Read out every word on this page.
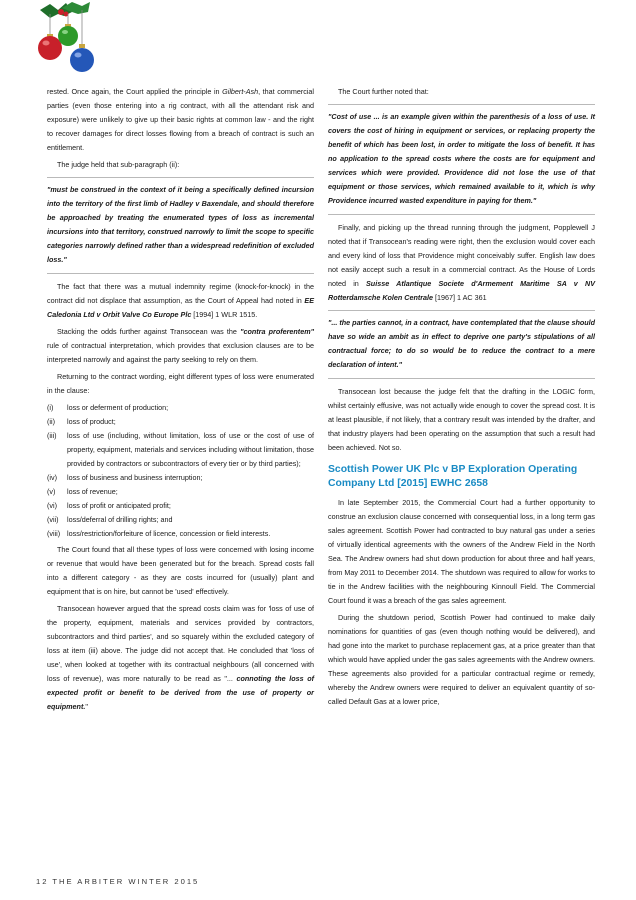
rested. Once again, the Court applied the principle in Gilbert-Ash, that commercial parties (even those entering into a rig contract, with all the attendant risk and exposure) were unlikely to give up their basic rights at common law - and the right to recover damages for direct losses flowing from a breach of contract is such an entitlement.

The judge held that sub-paragraph (ii):

"must be construed in the context of it being a specifically defined incursion into the territory of the first limb of Hadley v Baxendale, and should therefore be approached by treating the enumerated types of loss as incremental incursions into that territory, construed narrowly to limit the scope to specific categories narrowly defined rather than a widespread redefinition of excluded loss."

The fact that there was a mutual indemnity regime (knock-for-knock) in the contract did not displace that assumption, as the Court of Appeal had noted in EE Caledonia Ltd v Orbit Valve Co Europe Plc [1994] 1 WLR 1515.

Stacking the odds further against Transocean was the "contra proferentem" rule of contractual interpretation, which provides that exclusion clauses are to be interpreted narrowly and against the party seeking to rely on them.

Returning to the contract wording, eight different types of loss were enumerated in the clause:

(i)	loss or deferment of production;
(ii)	loss of product;
(iii)	loss of use (including, without limitation, loss of use or the cost of use of property, equipment, materials and services including without limitation, those provided by contractors or subcontractors of every tier or by third parties);
(iv)	loss of business and business interruption;
(v)	loss of revenue;
(vi)	loss of profit or anticipated profit;
(vii)	loss/deferral of drilling rights; and
(viii) loss/restriction/forfeiture of licence, concession or field interests.

The Court found that all these types of loss were concerned with losing income or revenue that would have been generated but for the breach. Spread costs fall into a different category - as they are costs incurred for (usually) plant and equipment that is on hire, but cannot be 'used' effectively.

Transocean however argued that the spread costs claim was for 'loss of use of the property, equipment, materials and services provided by contractors, subcontractors and third parties', and so squarely within the excluded category of loss at item (iii) above. The judge did not accept that. He concluded that 'loss of use', when looked at together with its contractual neighbours (all concerned with loss of revenue), was more naturally to be read as "... connoting the loss of expected profit or benefit to be derived from the use of property or equipment."

The Court further noted that:

"Cost of use ... is an example given within the parenthesis of a loss of use. It covers the cost of hiring in equipment or services, or replacing property the benefit of which has been lost, in order to mitigate the loss of benefit. It has no application to the spread costs where the costs are for equipment and services which were provided. Providence did not lose the use of that equipment or those services, which remained available to it, which is why Providence incurred wasted expenditure in paying for them."

Finally, and picking up the thread running through the judgment, Popplewell J noted that if Transocean's reading were right, then the exclusion would cover each and every kind of loss that Providence might conceivably suffer. English law does not easily accept such a result in a commercial contract. As the House of Lords noted in Suisse Atlantique Societe d'Armement Maritime SA v NV Rotterdamsche Kolen Centrale [1967] 1 AC 361

"... the parties cannot, in a contract, have contemplated that the clause should have so wide an ambit as in effect to deprive one party's stipulations of all contractual force; to do so would be to reduce the contract to a mere declaration of intent."

Transocean lost because the judge felt that the drafting in the LOGIC form, whilst certainly effusive, was not actually wide enough to cover the spread cost. It is at least plausible, if not likely, that a contrary result was intended by the drafter, and that industry players had been operating on the assumption that such a result had been achieved. Not so.

Scottish Power UK Plc v BP Exploration Operating Company Ltd [2015] EWHC 2658

In late September 2015, the Commercial Court had a further opportunity to construe an exclusion clause concerned with consequential loss, in a long term gas sales agreement. Scottish Power had contracted to buy natural gas under a series of virtually identical agreements with the owners of the Andrew Field in the North Sea. The Andrew owners had shut down production for about three and half years, from May 2011 to December 2014. The shutdown was required to allow for works to tie in the Andrew facilities with the neighbouring Kinnoull Field. The Commercial Court found it was a breach of the gas sales agreement.

During the shutdown period, Scottish Power had continued to make daily nominations for quantities of gas (even though nothing would be delivered), and had gone into the market to purchase replacement gas, at a price greater than that which would have applied under the gas sales agreements with the Andrew owners. These agreements also provided for a particular contractual regime or remedy, whereby the Andrew owners were required to deliver an equivalent quantity of so-called Default Gas at a lower price,

12 THE ARBITER WINTER 2015
